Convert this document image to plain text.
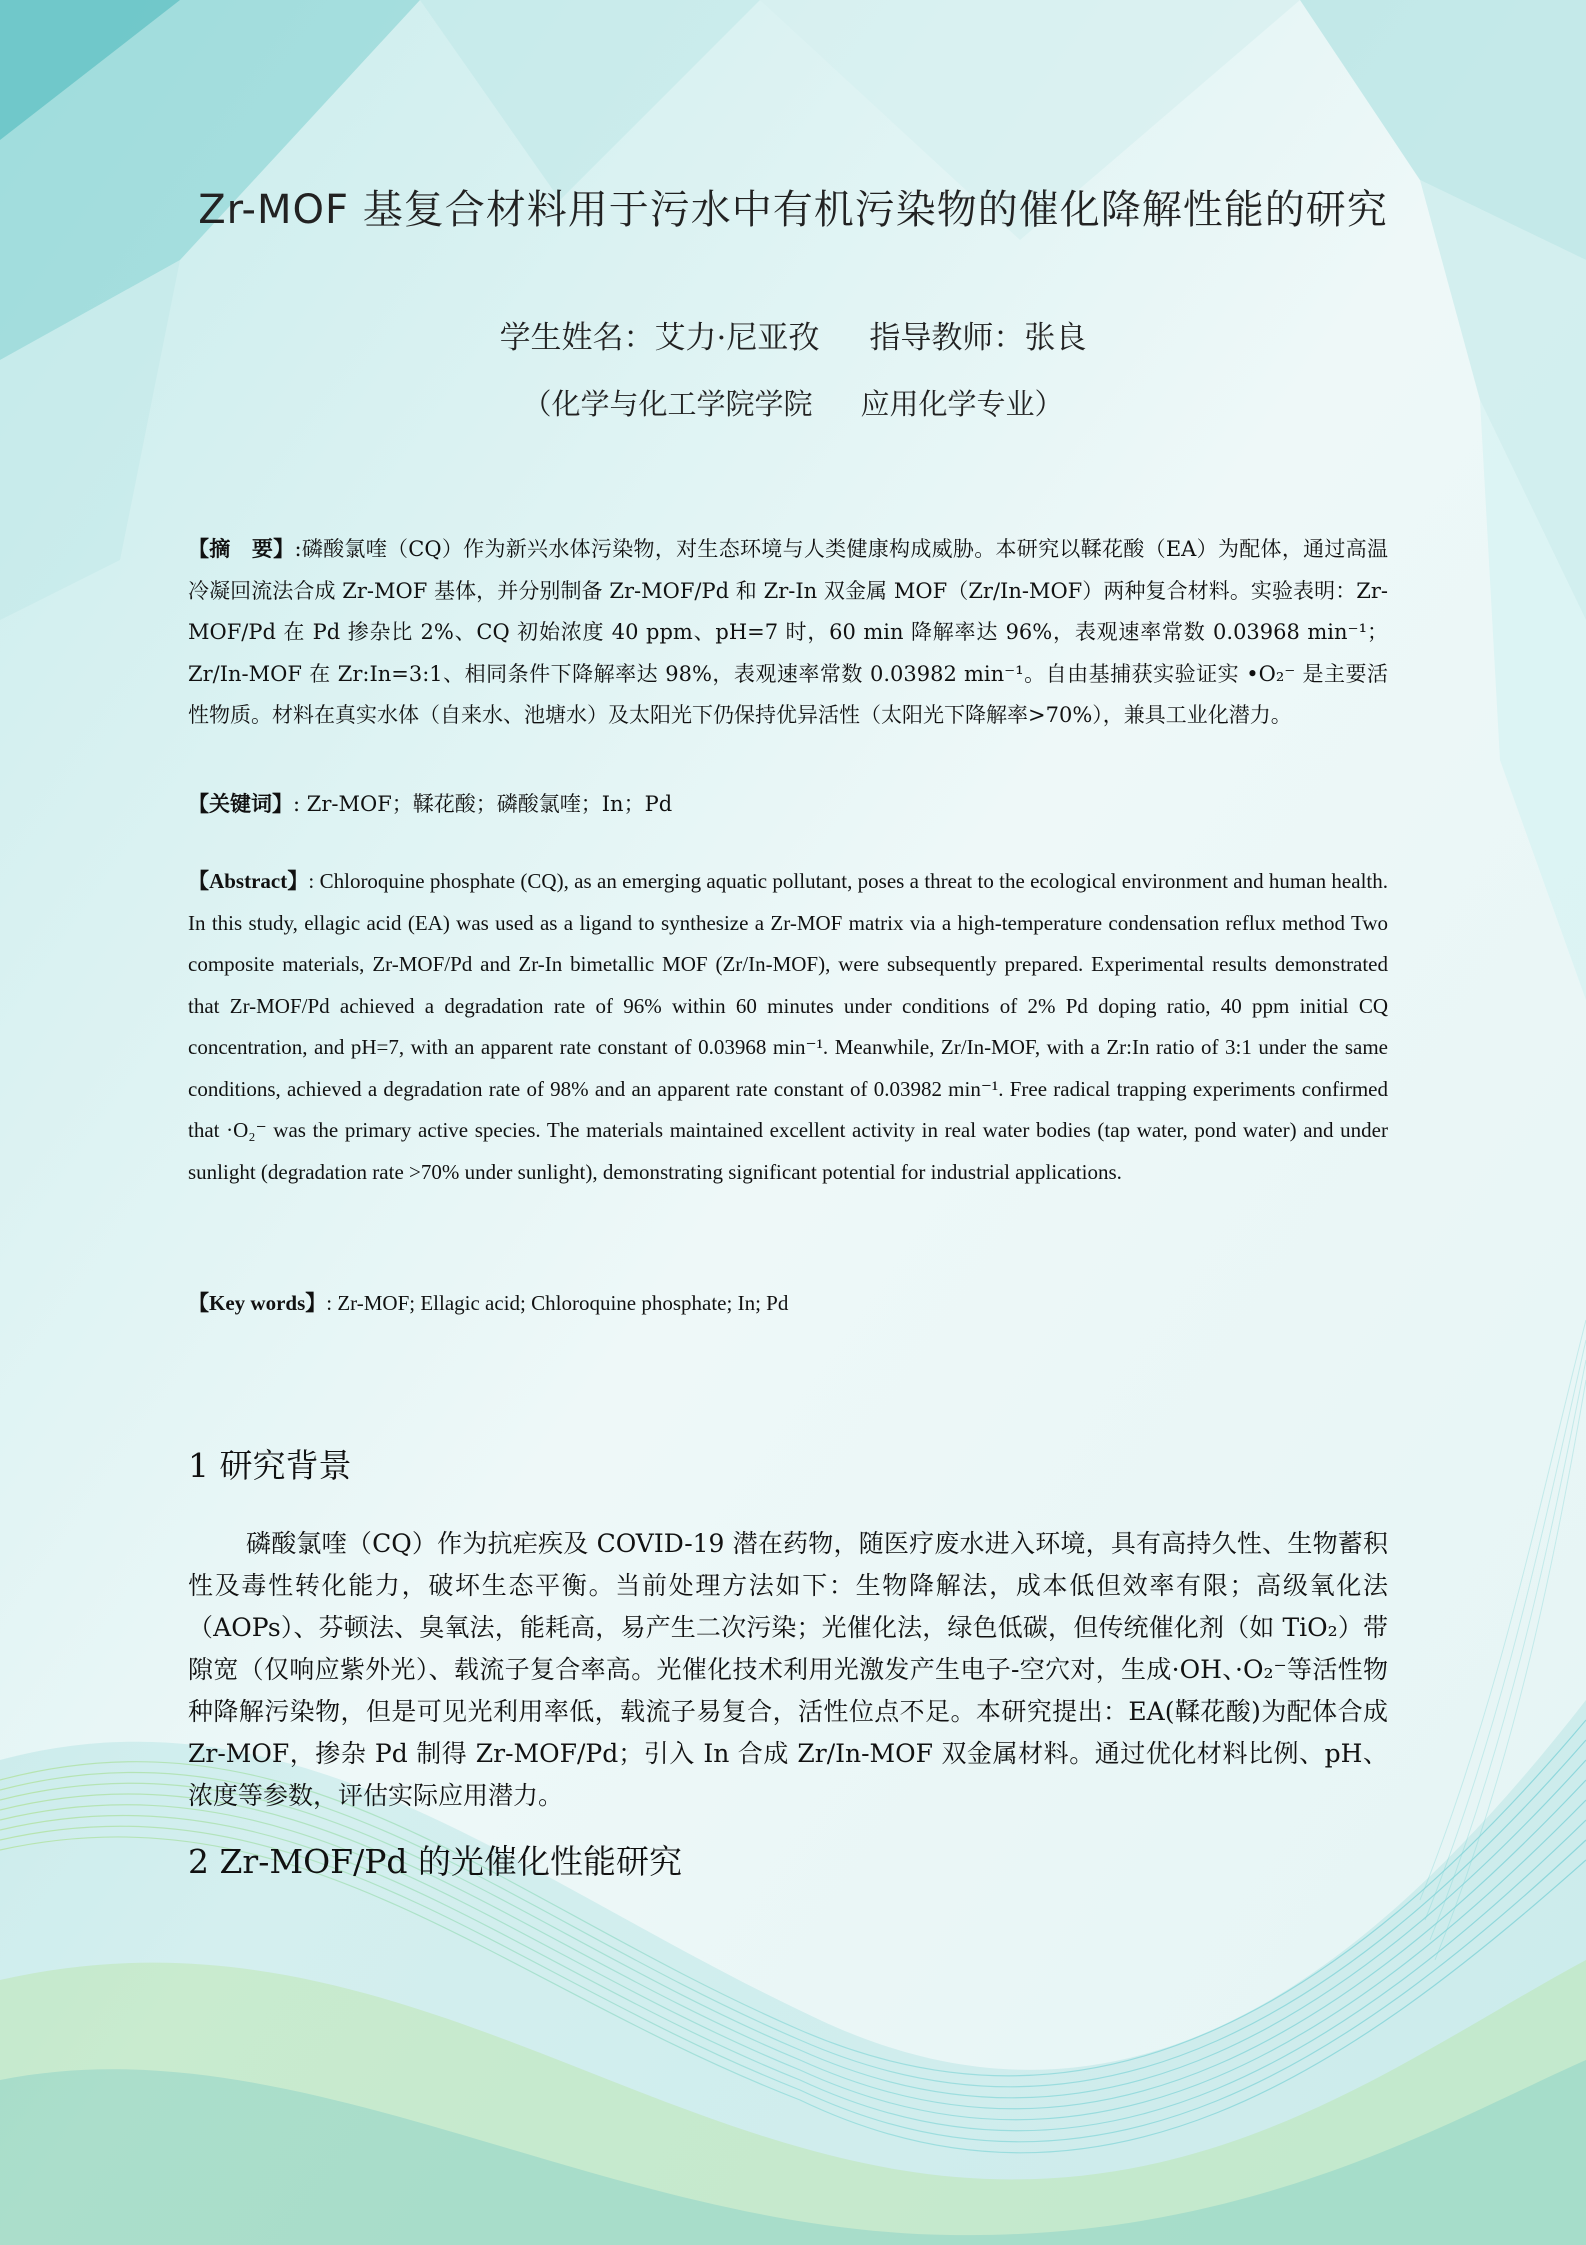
Zr-MOF 基复合材料用于污水中有机污染物的催化降解性能的研究
学生姓名：艾力·尼亚孜 指导教师：张良
（化学与化工学院学院 应用化学专业）
【摘　要】:磷酸氯喹（CQ）作为新兴水体污染物，对生态环境与人类健康构成威胁。本研究以鞣花酸（EA）为配体，通过高温冷凝回流法合成 Zr-MOF 基体，并分别制备 Zr-MOF/Pd 和 Zr-In 双金属 MOF（Zr/In-MOF）两种复合材料。实验表明：Zr-MOF/Pd 在 Pd 掺杂比 2%、CQ 初始浓度 40 ppm、pH=7 时，60 min 降解率达 96%，表观速率常数 0.03968 min⁻¹；Zr/In-MOF 在 Zr:In=3:1、相同条件下降解率达 98%，表观速率常数 0.03982 min⁻¹。自由基捕获实验证实 •O₂⁻ 是主要活性物质。材料在真实水体（自来水、池塘水）及太阳光下仍保持优异活性（太阳光下降解率>70%），兼具工业化潜力。
【关键词】: Zr-MOF；鞣花酸；磷酸氯喹；In；Pd
【Abstract】: Chloroquine phosphate (CQ), as an emerging aquatic pollutant, poses a threat to the ecological environment and human health. In this study, ellagic acid (EA) was used as a ligand to synthesize a Zr-MOF matrix via a high-temperature condensation reflux method Two composite materials, Zr-MOF/Pd and Zr-In bimetallic MOF (Zr/In-MOF), were subsequently prepared. Experimental results demonstrated that Zr-MOF/Pd achieved a degradation rate of 96% within 60 minutes under conditions of 2% Pd doping ratio, 40 ppm initial CQ concentration, and pH=7, with an apparent rate constant of 0.03968 min⁻¹. Meanwhile, Zr/In-MOF, with a Zr:In ratio of 3:1 under the same conditions, achieved a degradation rate of 98% and an apparent rate constant of 0.03982 min⁻¹. Free radical trapping experiments confirmed that ·O₂⁻ was the primary active species. The materials maintained excellent activity in real water bodies (tap water, pond water) and under sunlight (degradation rate >70% under sunlight), demonstrating significant potential for industrial applications.
【Key words】: Zr-MOF; Ellagic acid; Chloroquine phosphate; In; Pd
1 研究背景
磷酸氯喹（CQ）作为抗疟疾及 COVID-19 潜在药物，随医疗废水进入环境，具有高持久性、生物蓄积性及毒性转化能力，破坏生态平衡。当前处理方法如下：生物降解法，成本低但效率有限；高级氧化法（AOPs）、芬顿法、臭氧法，能耗高，易产生二次污染；光催化法，绿色低碳，但传统催化剂（如 TiO₂）带隙宽（仅响应紫外光）、载流子复合率高。光催化技术利用光激发产生电子-空穴对，生成·OH、·O₂⁻等活性物种降解污染物，但是可见光利用率低，载流子易复合，活性位点不足。本研究提出：EA(鞣花酸)为配体合成 Zr-MOF，掺杂 Pd 制得 Zr-MOF/Pd；引入 In 合成 Zr/In-MOF 双金属材料。通过优化材料比例、pH、浓度等参数，评估实际应用潜力。
2 Zr-MOF/Pd 的光催化性能研究
